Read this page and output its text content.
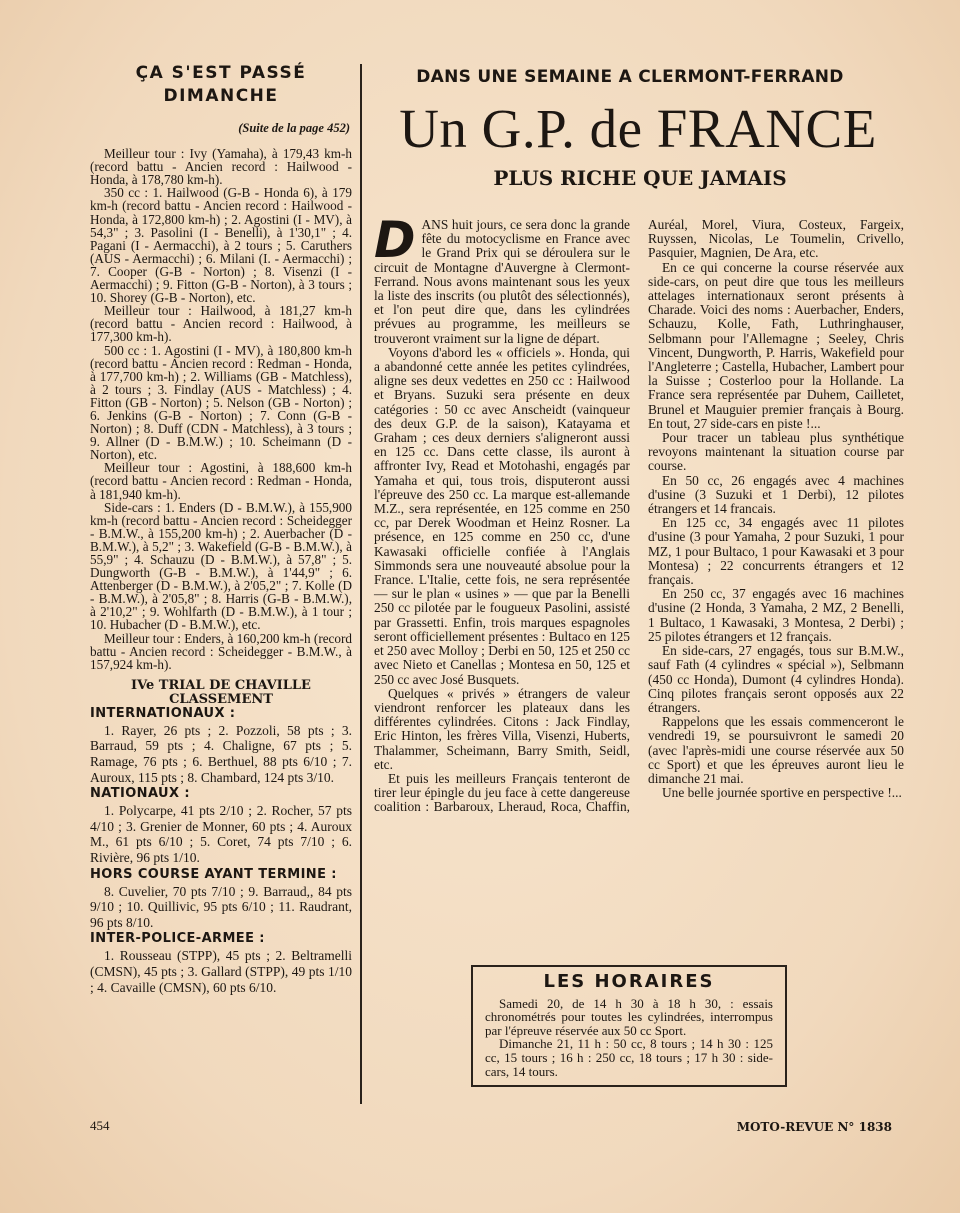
ÇA S'EST PASSÉ
DIMANCHE

(Suite de la page 452)

Meilleur tour : Ivy (Yamaha), à 179,43 km-h (record battu - Ancien record : Hailwood - Honda, à 178,780 km-h).

350 cc : 1. Hailwood (G-B - Honda 6), à 179 km-h (record battu - Ancien record : Hailwood - Honda, à 172,800 km-h) ; 2. Agostini (I - MV), à 54,3" ; 3. Pasolini (I - Benelli), à 1'30,1" ; 4. Pagani (I - Aermacchi), à 2 tours ; 5. Caruthers (AUS - Aermacchi) ; 6. Milani (I. - Aermacchi) ; 7. Cooper (G-B - Norton) ; 8. Visenzi (I - Aermacchi) ; 9. Fitton (G-B - Norton), à 3 tours ; 10. Shorey (G-B - Norton), etc.

Meilleur tour : Hailwood, à 181,27 km-h (record battu - Ancien record : Hailwood, à 177,300 km-h).

500 cc : 1. Agostini (I - MV), à 180,800 km-h (record battu - Ancien record : Redman - Honda, à 177,700 km-h) ; 2. Williams (GB - Matchless), à 2 tours ; 3. Findlay (AUS - Matchless) ; 4. Fitton (GB - Norton) ; 5. Nelson (GB - Norton) ; 6. Jenkins (G-B - Norton) ; 7. Conn (G-B - Norton) ; 8. Duff (CDN - Matchless), à 3 tours ; 9. Allner (D - B.M.W.) ; 10. Scheimann (D - Norton), etc.

Meilleur tour : Agostini, à 188,600 km-h (record battu - Ancien record : Redman - Honda, à 181,940 km-h).

Side-cars : 1. Enders (D - B.M.W.), à 155,900 km-h (record battu - Ancien record : Scheidegger - B.M.W., à 155,200 km-h) ; 2. Auerbacher (D - B.M.W.), à 5,2" ; 3. Wakefield (G-B - B.M.W.), à 55,9" ; 4. Schauzu (D - B.M.W.), à 57,8" ; 5. Dungworth (G-B - B.M.W.), à 1'44,9" ; 6. Attenberger (D - B.M.W.), à 2'05,2" ; 7. Kolle (D - B.M.W.), à 2'05,8" ; 8. Harris (G-B - B.M.W.), à 2'10,2" ; 9. Wohlfarth (D - B.M.W.), à 1 tour ; 10. Hubacher (D - B.M.W.), etc.

Meilleur tour : Enders, à 160,200 km-h (record battu - Ancien record : Scheidegger - B.M.W., à 157,924 km-h).

IVe TRIAL DE CHAVILLE
CLASSEMENT

INTERNATIONAUX :

1. Rayer, 26 pts ; 2. Pozzoli, 58 pts ; 3. Barraud, 59 pts ; 4. Chaligne, 67 pts ; 5. Ramage, 76 pts ; 6. Berthuel, 88 pts 6/10 ; 7. Auroux, 115 pts ; 8. Chambard, 124 pts 3/10.

NATIONAUX :

1. Polycarpe, 41 pts 2/10 ; 2. Rocher, 57 pts 4/10 ; 3. Grenier de Monner, 60 pts ; 4. Auroux M., 61 pts 6/10 ; 5. Coret, 74 pts 7/10 ; 6. Rivière, 96 pts 1/10.

HORS COURSE AYANT TERMINE :

8. Cuvelier, 70 pts 7/10 ; 9. Barraud,, 84 pts 9/10 ; 10. Quillivic, 95 pts 6/10 ; 11. Raudrant, 96 pts 8/10.

INTER-POLICE-ARMEE :

1. Rousseau (STPP), 45 pts ; 2. Beltramelli (CMSN), 45 pts ; 3. Gallard (STPP), 49 pts 1/10 ; 4. Cavaille (CMSN), 60 pts 6/10.

DANS UNE SEMAINE A CLERMONT-FERRAND
Un G.P. de FRANCE
PLUS RICHE QUE JAMAIS

DANS huit jours, ce sera donc la grande fête du motocyclisme en France avec le Grand Prix qui se déroulera sur le circuit de Montagne d'Auvergne à Clermont-Ferrand. Nous avons maintenant sous les yeux la liste des inscrits (ou plutôt des sélectionnés), et l'on peut dire que, dans les cylindrées prévues au programme, les meilleurs se trouveront vraiment sur la ligne de départ.

Voyons d'abord les « officiels ». Honda, qui a abandonné cette année les petites cylindrées, aligne ses deux vedettes en 250 cc : Hailwood et Bryans. Suzuki sera présente en deux catégories : 50 cc avec Anscheidt (vainqueur des deux G.P. de la saison), Katayama et Graham ; ces deux derniers s'aligneront aussi en 125 cc. Dans cette classe, ils auront à affronter Ivy, Read et Motohashi, engagés par Yamaha et qui, tous trois, disputeront aussi l'épreuve des 250 cc. La marque est-allemande M.Z., sera représentée, en 125 comme en 250 cc, par Derek Woodman et Heinz Rosner. La présence, en 125 comme en 250 cc, d'une Kawasaki officielle confiée à l'Anglais Simmonds sera une nouveauté absolue pour la France. L'Italie, cette fois, ne sera représentée — sur le plan « usines » — que par la Benelli 250 cc pilotée par le fougueux Pasolini, assisté par Grassetti. Enfin, trois marques espagnoles seront officiellement présentes : Bultaco en 125 et 250 avec Molloy ; Derbi en 50, 125 et 250 cc avec Nieto et Canellas ; Montesa en 50, 125 et 250 cc avec José Busquets.

Quelques « privés » étrangers de valeur viendront renforcer les plateaux dans les différentes cylindrées. Citons : Jack Findlay, Eric Hinton, les frères Villa, Visenzi, Huberts, Thalammer, Scheimann, Barry Smith, Seidl, etc.

Et puis les meilleurs Français tenteront de tirer leur épingle du jeu face à cette dangereuse coalition : Barbaroux, Lheraud, Roca, Chaffin, Auréal, Morel, Viura, Costeux, Fargeix, Ruyssen, Nicolas, Le Toumelin, Crivello, Pasquier, Magnien, De Ara, etc.

En ce qui concerne la course réservée aux side-cars, on peut dire que tous les meilleurs attelages internationaux seront présents à Charade. Voici des noms : Auerbacher, Enders, Schauzu, Kolle, Fath, Luthringhauser, Selbmann pour l'Allemagne ; Seeley, Chris Vincent, Dungworth, P. Harris, Wakefield pour l'Angleterre ; Castella, Hubacher, Lambert pour la Suisse ; Costerloo pour la Hollande. La France sera représentée par Duhem, Cailletet, Brunel et Mauguier premier français à Bourg. En tout, 27 side-cars en piste !...

Pour tracer un tableau plus synthétique revoyons maintenant la situation course par course.

En 50 cc, 26 engagés avec 4 machines d'usine (3 Suzuki et 1 Derbi), 12 pilotes étrangers et 14 francais.

En 125 cc, 34 engagés avec 11 pilotes d'usine (3 pour Yamaha, 2 pour Suzuki, 1 pour MZ, 1 pour Bultaco, 1 pour Kawasaki et 3 pour Montesa) ; 22 concurrents étrangers et 12 français.

En 250 cc, 37 engagés avec 16 machines d'usine (2 Honda, 3 Yamaha, 2 MZ, 2 Benelli, 1 Bultaco, 1 Kawasaki, 3 Montesa, 2 Derbi) ; 25 pilotes étrangers et 12 français.

En side-cars, 27 engagés, tous sur B.M.W., sauf Fath (4 cylindres « spécial »), Selbmann (450 cc Honda), Dumont (4 cylindres Honda). Cinq pilotes français seront opposés aux 22 étrangers.

Rappelons que les essais commenceront le vendredi 19, se poursuivront le samedi 20 (avec l'après-midi une course réservée aux 50 cc Sport) et que les épreuves auront lieu le dimanche 21 mai.

Une belle journée sportive en perspective !...

LES HORAIRES

Samedi 20, de 14 h 30 à 18 h 30, : essais chronométrés pour toutes les cylindrées, interrompus par l'épreuve réservée aux 50 cc Sport.

Dimanche 21, 11 h : 50 cc, 8 tours ; 14 h 30 : 125 cc, 15 tours ; 16 h : 250 cc, 18 tours ; 17 h 30 : side-cars, 14 tours.

454	MOTO-REVUE N° 1838
